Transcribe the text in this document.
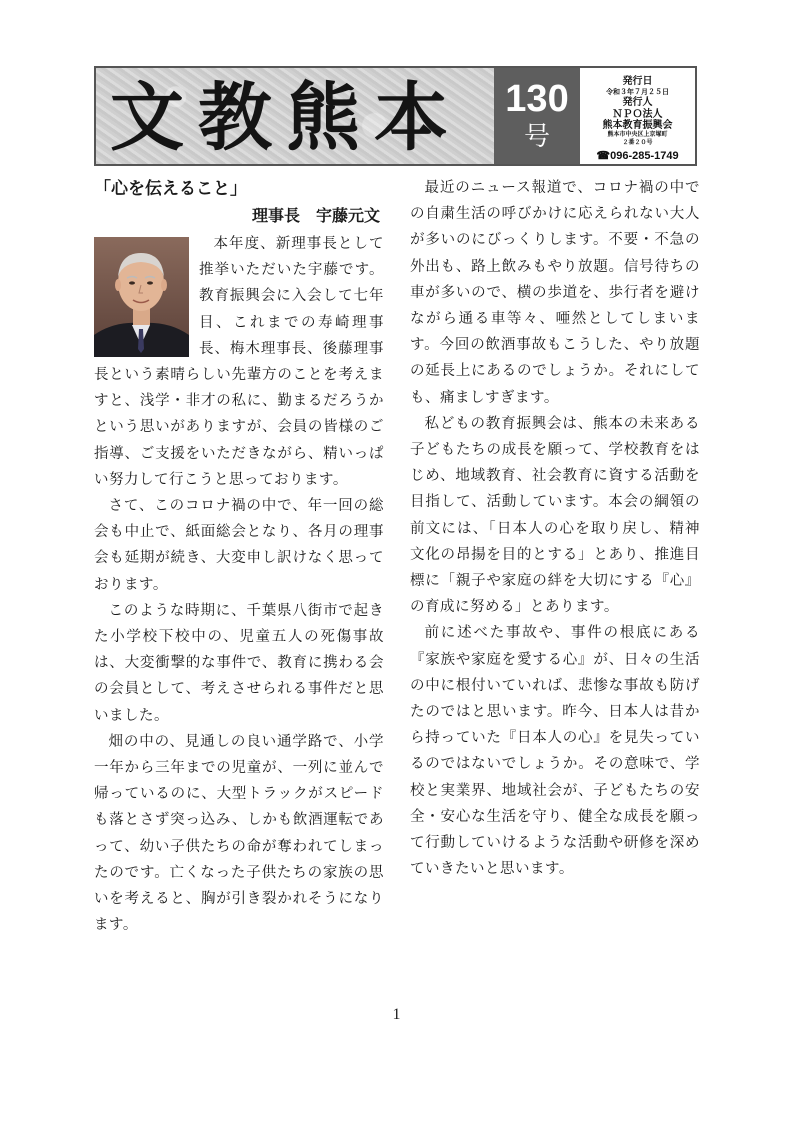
文教熊本 130
号
発行日
令和３年７月２５日
発行人
ＮＰＯ法人
熊本教育振興会
熊本市中央区上京塚町
２番２０号
☎096-285-1749
「心を伝えること」
理事長　宇藤元文

本年度、新理事長として推挙いただいた宇藤です。教育振興会に入会して七年目、これまでの寿崎理事長、梅木理事長、後藤理事長という素晴らしい先輩方のことを考えますと、浅学・非才の私に、勤まるだろうかという思いがありますが、会員の皆様のご指導、ご支援をいただきながら、精いっぱい努力して行こうと思っております。

さて、このコロナ禍の中で、年一回の総会も中止で、紙面総会となり、各月の理事会も延期が続き、大変申し訳けなく思っております。

このような時期に、千葉県八街市で起きた小学校下校中の、児童五人の死傷事故は、大変衝撃的な事件で、教育に携わる会の会員として、考えさせられる事件だと思いました。

畑の中の、見通しの良い通学路で、小学一年から三年までの児童が、一列に並んで帰っているのに、大型トラックがスピードも落とさず突っ込み、しかも飲酒運転であって、幼い子供たちの命が奪われてしまったのです。亡くなった子供たちの家族の思いを考えると、胸が引き裂かれそうになります。

最近のニュース報道で、コロナ禍の中での自粛生活の呼びかけに応えられない大人が多いのにびっくりします。不要・不急の外出も、路上飲みもやり放題。信号待ちの車が多いので、横の歩道を、歩行者を避けながら通る車等々、唖然としてしまいます。今回の飲酒事故もこうした、やり放題の延長上にあるのでしょうか。それにしても、痛ましすぎます。

私どもの教育振興会は、熊本の未来ある子どもたちの成長を願って、学校教育をはじめ、地域教育、社会教育に資する活動を目指して、活動しています。本会の綱領の前文には、「日本人の心を取り戻し、精神文化の昂揚を目的とする」とあり、推進目標に「親子や家庭の絆を大切にする『心』の育成に努める」とあります。

前に述べた事故や、事件の根底にある『家族や家庭を愛する心』が、日々の生活の中に根付いていれば、悲惨な事故も防げたのではと思います。昨今、日本人は昔から持っていた『日本人の心』を見失っているのではないでしょうか。その意味で、学校と実業界、地域社会が、子どもたちの安全・安心な生活を守り、健全な成長を願って行動していけるような活動や研修を深めていきたいと思います。

1
